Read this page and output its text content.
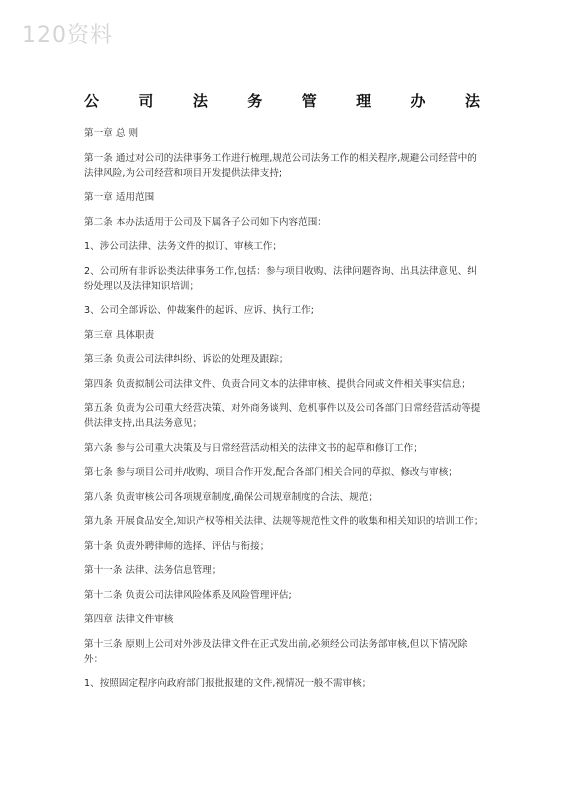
120资料
公	司	法	务	管	理	办	法

第一章 总 则

第一条 通过对公司的法律事务工作进行梳理,规范公司法务工作的相关程序,规避公司经营中的法律风险,为公司经营和项目开发提供法律支持;

第一章 适用范围

第二条 本办法适用于公司及下属各子公司如下内容范围：

1、涉公司法律、法务文件的拟订、审核工作；

2、公司所有非诉讼类法律事务工作,包括：参与项目收购、法律问题咨询、出具法律意见、纠纷处理以及法律知识培训；

3、公司全部诉讼、仲裁案件的起诉、应诉、执行工作;

第三章 具体职责

第三条 负责公司法律纠纷、诉讼的处理及跟踪；

第四条 负责拟制公司法律文件、负责合同文本的法律审核、提供合同或文件相关事实信息；

第五条 负责为公司重大经营决策、对外商务谈判、危机事件以及公司各部门日常经营活动等提供法律支持,出具法务意见；

第六条 参与公司重大决策及与日常经营活动相关的法律文书的起草和修订工作；

第七条 参与项目公司并/收购、项目合作开发,配合各部门相关合同的草拟、修改与审核；

第八条 负责审核公司各项规章制度,确保公司规章制度的合法、规范；

第九条 开展食品安全,知识产权等相关法律、法规等规范性文件的收集和相关知识的培训工作；

第十条 负责外聘律师的选择、评估与衔接；

第十一条 法律、法务信息管理；

第十二条 负责公司法律风险体系及风险管理评估;

第四章 法律文件审核

第十三条 原则上公司对外涉及法律文件在正式发出前,必须经公司法务部审核,但以下情况除外：

1、按照固定程序向政府部门报批报建的文件,视情况一般不需审核；
